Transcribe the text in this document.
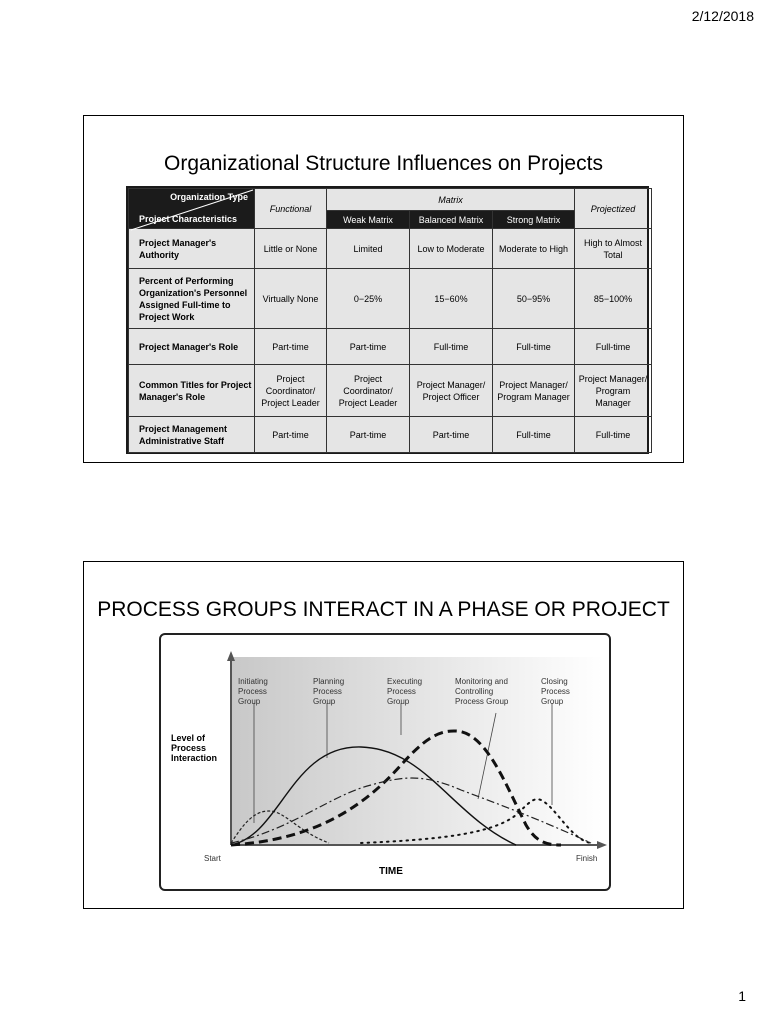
2/12/2018
Organizational Structure Influences on Projects
Organization Type
Project Characteristics	Functional	Matrix			Projectized
		Weak Matrix	Balanced Matrix	Strong Matrix	
Project Manager's Authority	Little or None	Limited	Low to Moderate	Moderate to High	High to Almost Total
Percent of Performing Organization's Personnel Assigned Full-time to Project Work	Virtually None	0−25%	15−60%	50−95%	85−100%
Project Manager's Role	Part-time	Part-time	Full-time	Full-time	Full-time
Common Titles for Project Manager's Role	Project Coordinator/ Project Leader	Project Coordinator/ Project Leader	Project Manager/ Project Officer	Project Manager/ Program Manager	Project Manager/ Program Manager
Project Management Administrative Staff	Part-time	Part-time	Part-time	Full-time	Full-time
PROCESS GROUPS INTERACT IN A PHASE OR PROJECT
Initiating Process Group
Planning Process Group
Executing Process Group
Monitoring and Controlling Process Group
Closing Process Group
Level of Process Interaction
Start	Finish
TIME
1
